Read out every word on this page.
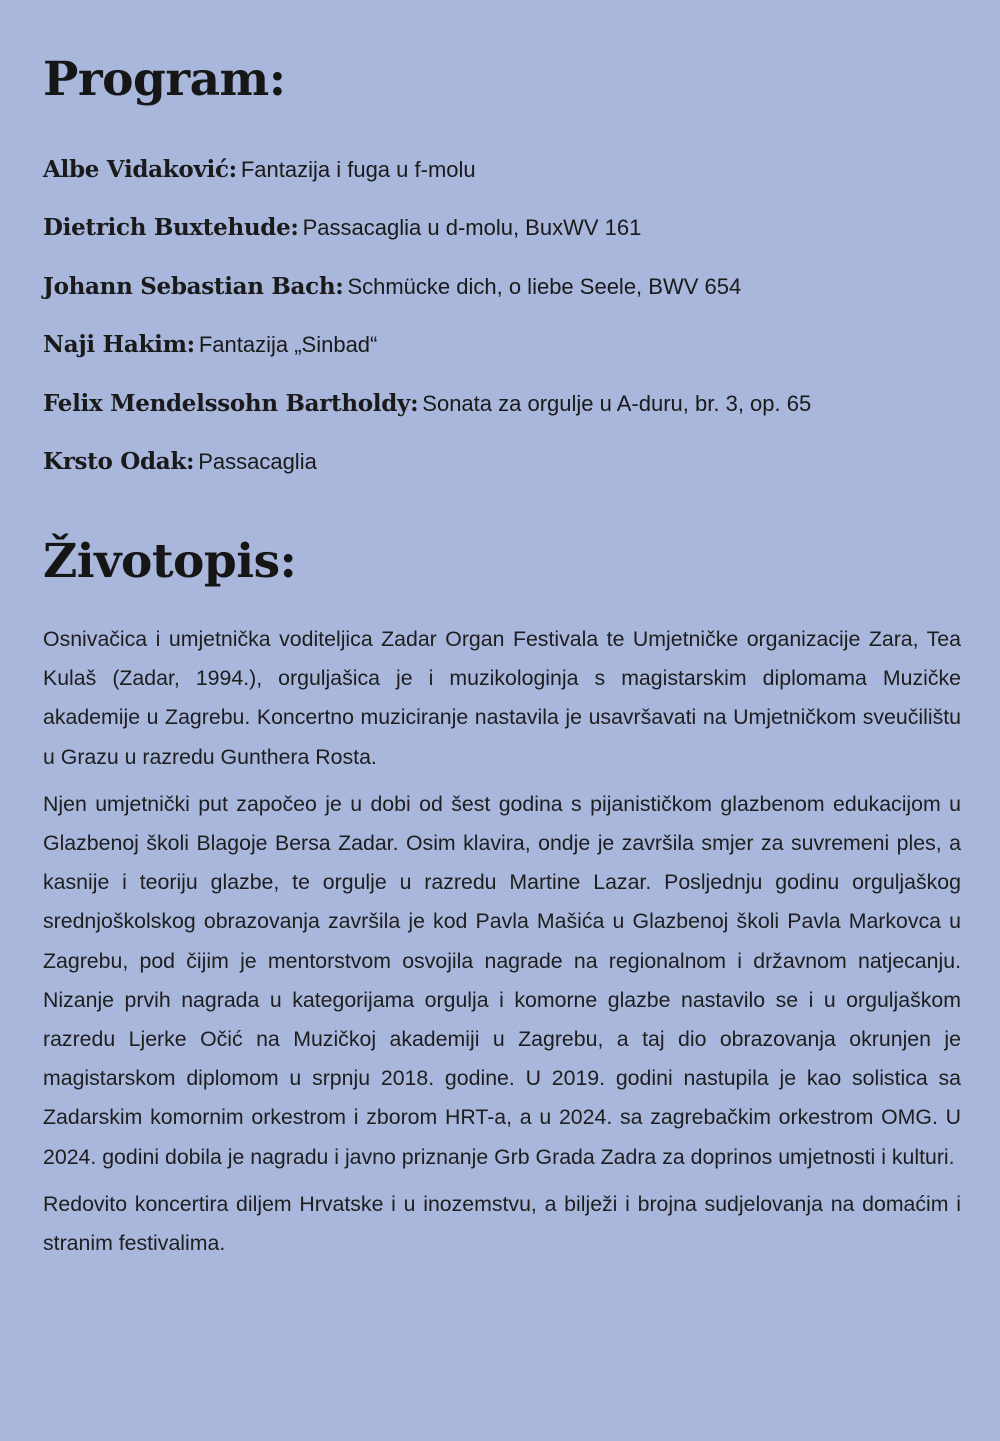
Program:
Albe Vidaković: Fantazija i fuga u f-molu
Dietrich Buxtehude: Passacaglia u d-molu, BuxWV 161
Johann Sebastian Bach: Schmücke dich, o liebe Seele, BWV 654
Naji Hakim: Fantazija „Sinbad“
Felix Mendelssohn Bartholdy: Sonata za orgulje u A-duru, br. 3, op. 65
Krsto Odak: Passacaglia
Životopis:

Osnivačica i umjetnička voditeljica Zadar Organ Festivala te Umjetničke organizacije Zara, Tea Kulaš (Zadar, 1994.), orguljašica je i muzikologinja s magistarskim diplomama Muzičke akademije u Zagrebu. Koncertno muziciranje nastavila je usavršavati na Umjetničkom sveučilištu u Grazu u razredu Gunthera Rosta.

Njen umjetnički put započeo je u dobi od šest godina s pijanističkom glazbenom edukacijom u Glazbenoj školi Blagoje Bersa Zadar. Osim klavira, ondje je završila smjer za suvremeni ples, a kasnije i teoriju glazbe, te orgulje u razredu Martine Lazar. Posljednju godinu orguljaškog srednjoškolskog obrazovanja završila je kod Pavla Mašića u Glazbenoj školi Pavla Markovca u Zagrebu, pod čijim je mentorstvom osvojila nagrade na regionalnom i državnom natjecanju. Nizanje prvih nagrada u kategorijama orgulja i komorne glazbe nastavilo se i u orguljaškom razredu Ljerke Očić na Muzičkoj akademiji u Zagrebu, a taj dio obrazovanja okrunjen je magistarskom diplomom u srpnju 2018. godine. U 2019. godini nastupila je kao solistica sa Zadarskim komornim orkestrom i zborom HRT-a, a u 2024. sa zagrebačkim orkestrom OMG. U 2024. godini dobila je nagradu i javno priznanje Grb Grada Zadra za doprinos umjetnosti i kulturi.

Redovito koncertira diljem Hrvatske i u inozemstvu, a bilježi i brojna sudjelovanja na domaćim i stranim festivalima.
